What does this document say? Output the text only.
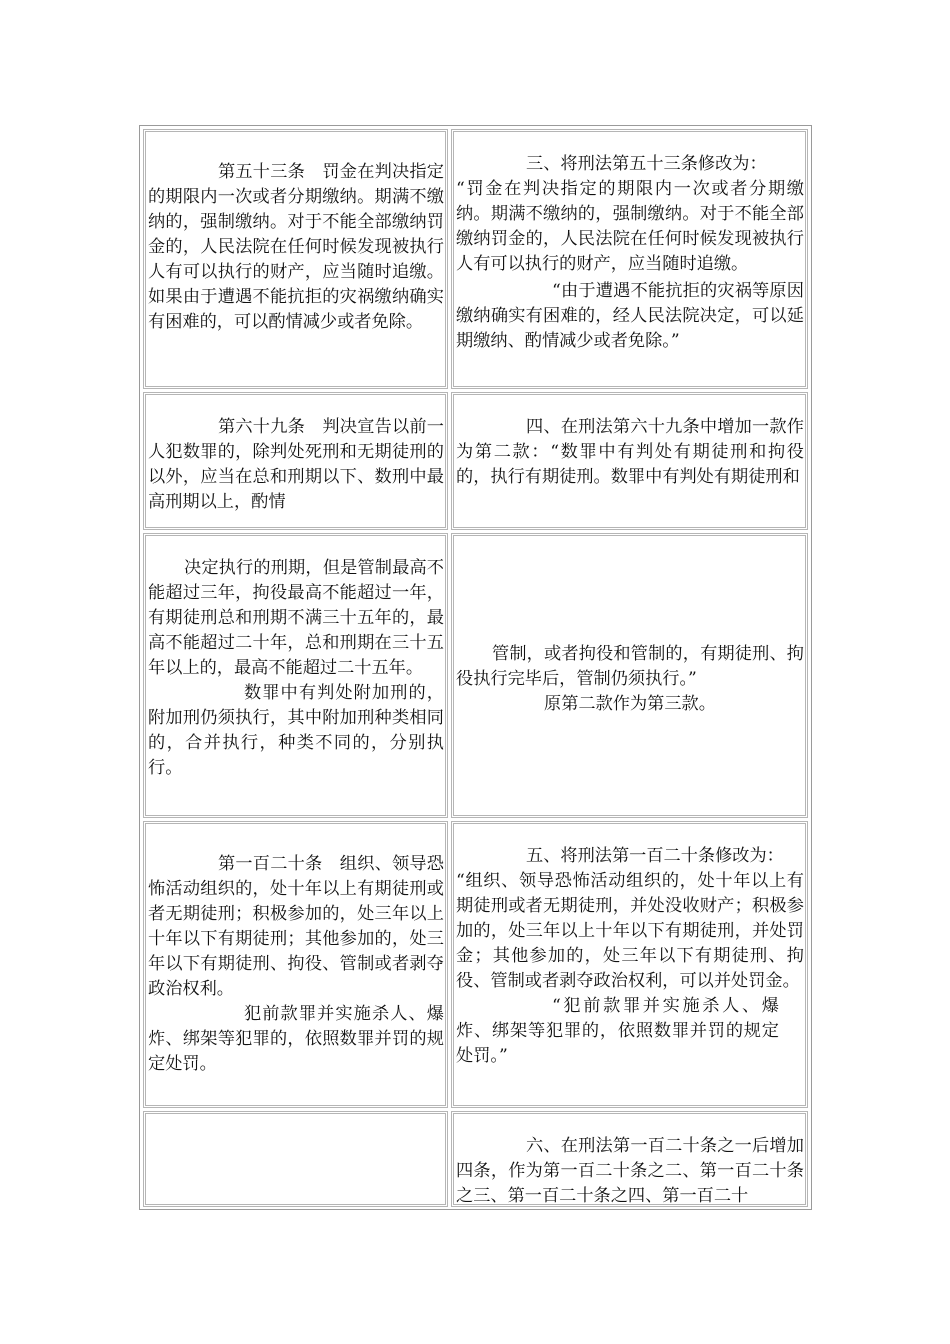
第五十三条　罚金在判决指定的期限内一次或者分期缴纳。期满不缴纳的，强制缴纳。对于不能全部缴纳罚金的，人民法院在任何时候发现被执行人有可以执行的财产，应当随时追缴。如果由于遭遇不能抗拒的灾祸缴纳确实有困难的，可以酌情减少或者免除。

三、将刑法第五十三条修改为：

“罚金在判决指定的期限内一次或者分期缴纳。期满不缴纳的，强制缴纳。对于不能全部缴纳罚金的，人民法院在任何时候发现被执行人有可以执行的财产，应当随时追缴。

“由于遭遇不能抗拒的灾祸等原因缴纳确实有困难的，经人民法院决定，可以延期缴纳、酌情减少或者免除。”

第六十九条　判决宣告以前一人犯数罪的，除判处死刑和无期徒刑的以外，应当在总和刑期以下、数刑中最高刑期以上，酌情

四、在刑法第六十九条中增加一款作为第二款：“数罪中有判处有期徒刑和拘役的，执行有期徒刑。数罪中有判处有期徒刑和

决定执行的刑期，但是管制最高不能超过三年，拘役最高不能超过一年，有期徒刑总和刑期不满三十五年的，最高不能超过二十年，总和刑期在三十五年以上的，最高不能超过二十五年。

数罪中有判处附加刑的，附加刑仍须执行，其中附加刑种类相同的，合并执行，种类不同的，分别执行。

管制，或者拘役和管制的，有期徒刑、拘役执行完毕后，管制仍须执行。”

原第二款作为第三款。

第一百二十条　组织、领导恐怖活动组织的，处十年以上有期徒刑或者无期徒刑；积极参加的，处三年以上十年以下有期徒刑；其他参加的，处三年以下有期徒刑、拘役、管制或者剥夺政治权利。

犯前款罪并实施杀人、爆炸、绑架等犯罪的，依照数罪并罚的规定处罚。

五、将刑法第一百二十条修改为：

“组织、领导恐怖活动组织的，处十年以上有期徒刑或者无期徒刑，并处没收财产；积极参加的，处三年以上十年以下有期徒刑，并处罚金；其他参加的，处三年以下有期徒刑、拘役、管制或者剥夺政治权利，可以并处罚金。

“犯前款罪并实施杀人、爆炸、绑架等犯罪的，依照数罪并罚的规定处罚。”

六、在刑法第一百二十条之一后增加四条，作为第一百二十条之二、第一百二十条之三、第一百二十条之四、第一百二十
